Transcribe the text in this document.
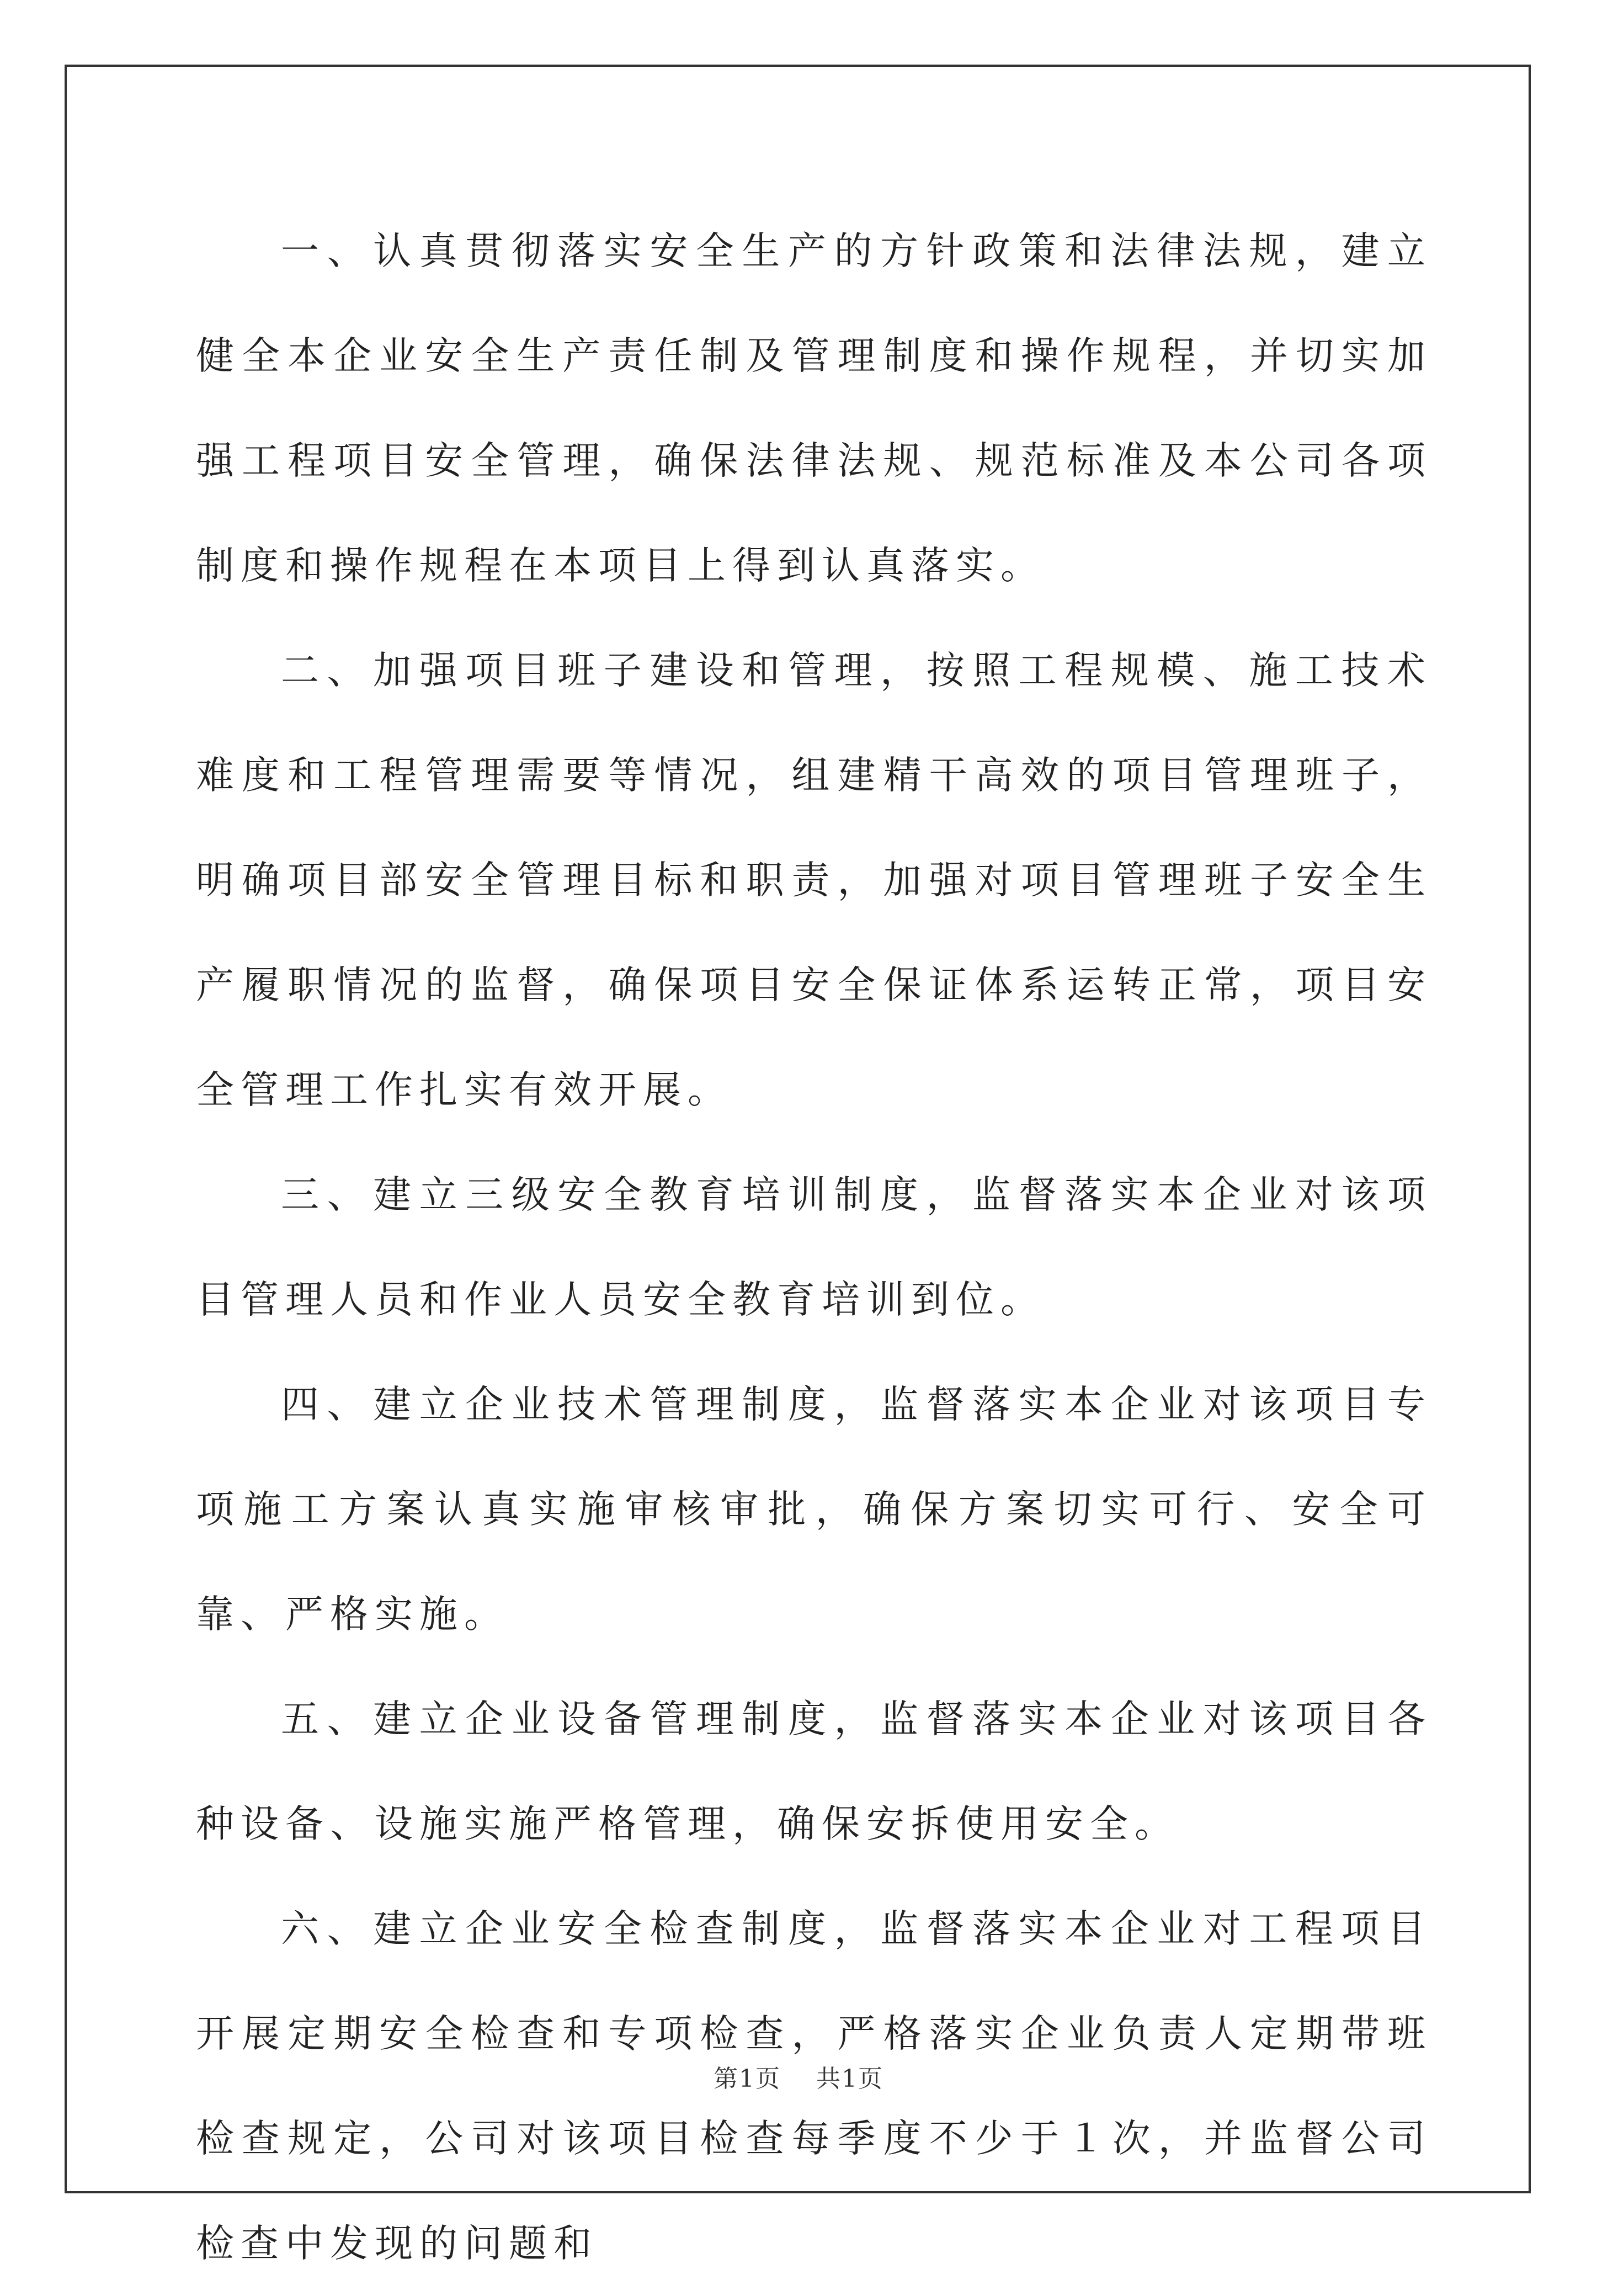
一、认真贯彻落实安全生产的方针政策和法律法规，建立健全本企业安全生产责任制及管理制度和操作规程，并切实加强工程项目安全管理，确保法律法规、规范标准及本公司各项制度和操作规程在本项目上得到认真落实。

二、加强项目班子建设和管理，按照工程规模、施工技术难度和工程管理需要等情况，组建精干高效的项目管理班子，明确项目部安全管理目标和职责，加强对项目管理班子安全生产履职情况的监督，确保项目安全保证体系运转正常，项目安全管理工作扎实有效开展。

三、建立三级安全教育培训制度，监督落实本企业对该项目管理人员和作业人员安全教育培训到位。

四、建立企业技术管理制度，监督落实本企业对该项目专项施工方案认真实施审核审批，确保方案切实可行、安全可靠、严格实施。

五、建立企业设备管理制度，监督落实本企业对该项目各种设备、设施实施严格管理，确保安拆使用安全。

六、建立企业安全检查制度，监督落实本企业对工程项目开展定期安全检查和专项检查，严格落实企业负责人定期带班检查规定，公司对该项目检查每季度不少于１次，并监督公司检查中发现的问题和

第1页 共1页
